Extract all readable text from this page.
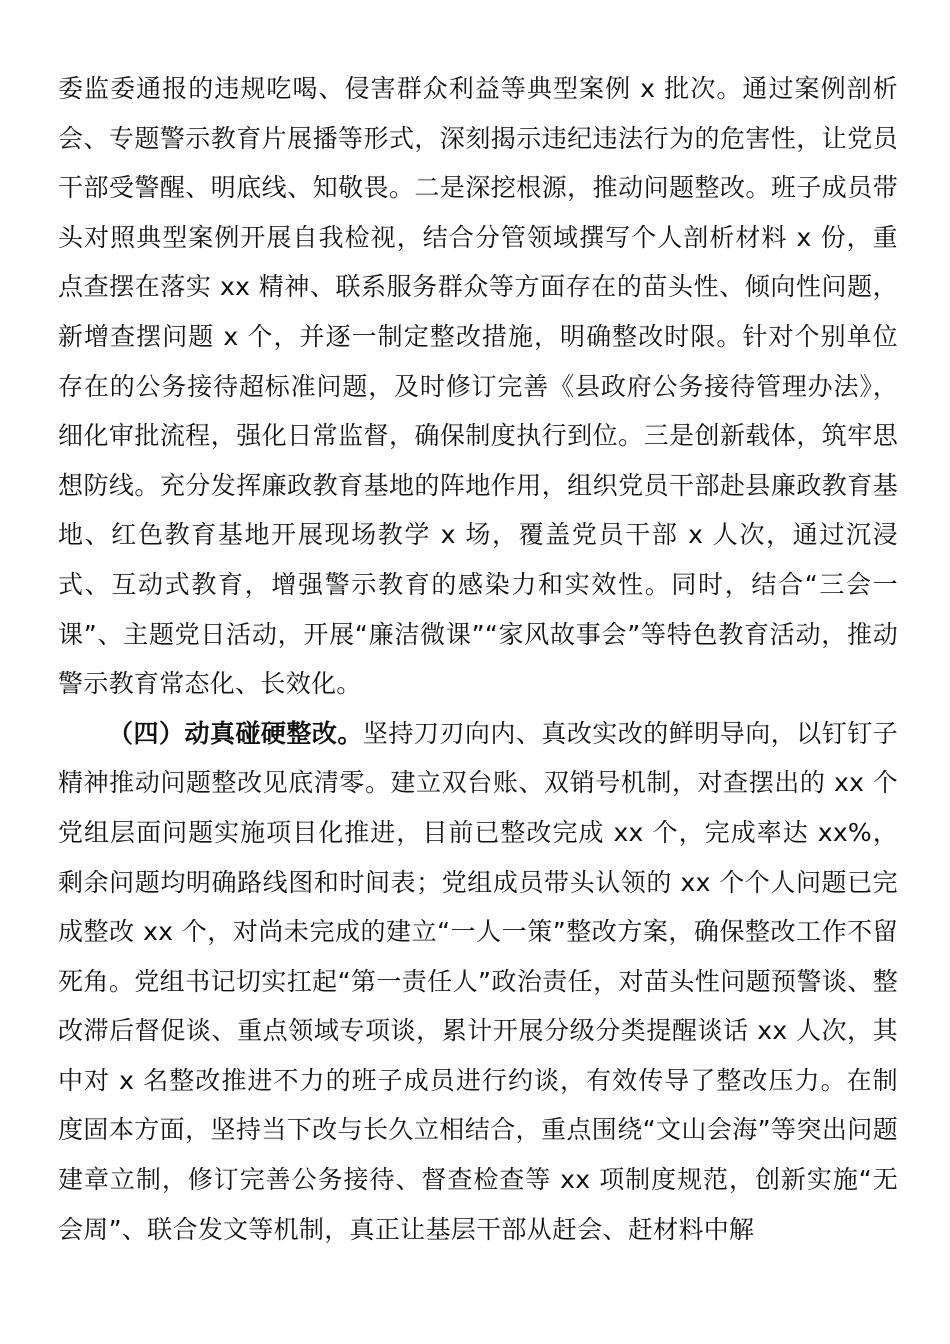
委监委通报的违规吃喝、侵害群众利益等典型案例 x 批次。通过案例剖析会、专题警示教育片展播等形式，深刻揭示违纪违法行为的危害性，让党员干部受警醒、明底线、知敬畏。二是深挖根源，推动问题整改。班子成员带头对照典型案例开展自我检视，结合分管领域撰写个人剖析材料 x 份，重点查摆在落实 xx 精神、联系服务群众等方面存在的苗头性、倾向性问题，新增查摆问题 x 个，并逐一制定整改措施，明确整改时限。针对个别单位存在的公务接待超标准问题，及时修订完善《县政府公务接待管理办法》，细化审批流程，强化日常监督，确保制度执行到位。三是创新载体，筑牢思想防线。充分发挥廉政教育基地的阵地作用，组织党员干部赴县廉政教育基地、红色教育基地开展现场教学 x 场，覆盖党员干部 x 人次，通过沉浸式、互动式教育，增强警示教育的感染力和实效性。同时，结合“三会一课”、主题党日活动，开展“廉洁微课”“家风故事会”等特色教育活动，推动警示教育常态化、长效化。

（四）动真碰硬整改。坚持刀刃向内、真改实改的鲜明导向，以钉钉子精神推动问题整改见底清零。建立双台账、双销号机制，对查摆出的 xx 个党组层面问题实施项目化推进，目前已整改完成 xx 个，完成率达 xx%，剩余问题均明确路线图和时间表；党组成员带头认领的 xx 个个人问题已完成整改 xx 个，对尚未完成的建立“一人一策”整改方案，确保整改工作不留死角。党组书记切实扛起“第一责任人”政治责任，对苗头性问题预警谈、整改滞后督促谈、重点领域专项谈，累计开展分级分类提醒谈话 xx 人次，其中对 x 名整改推进不力的班子成员进行约谈，有效传导了整改压力。在制度固本方面，坚持当下改与长久立相结合，重点围绕“文山会海”等突出问题建章立制，修订完善公务接待、督查检查等 xx 项制度规范，创新实施“无会周”、联合发文等机制，真正让基层干部从赶会、赶材料中解
